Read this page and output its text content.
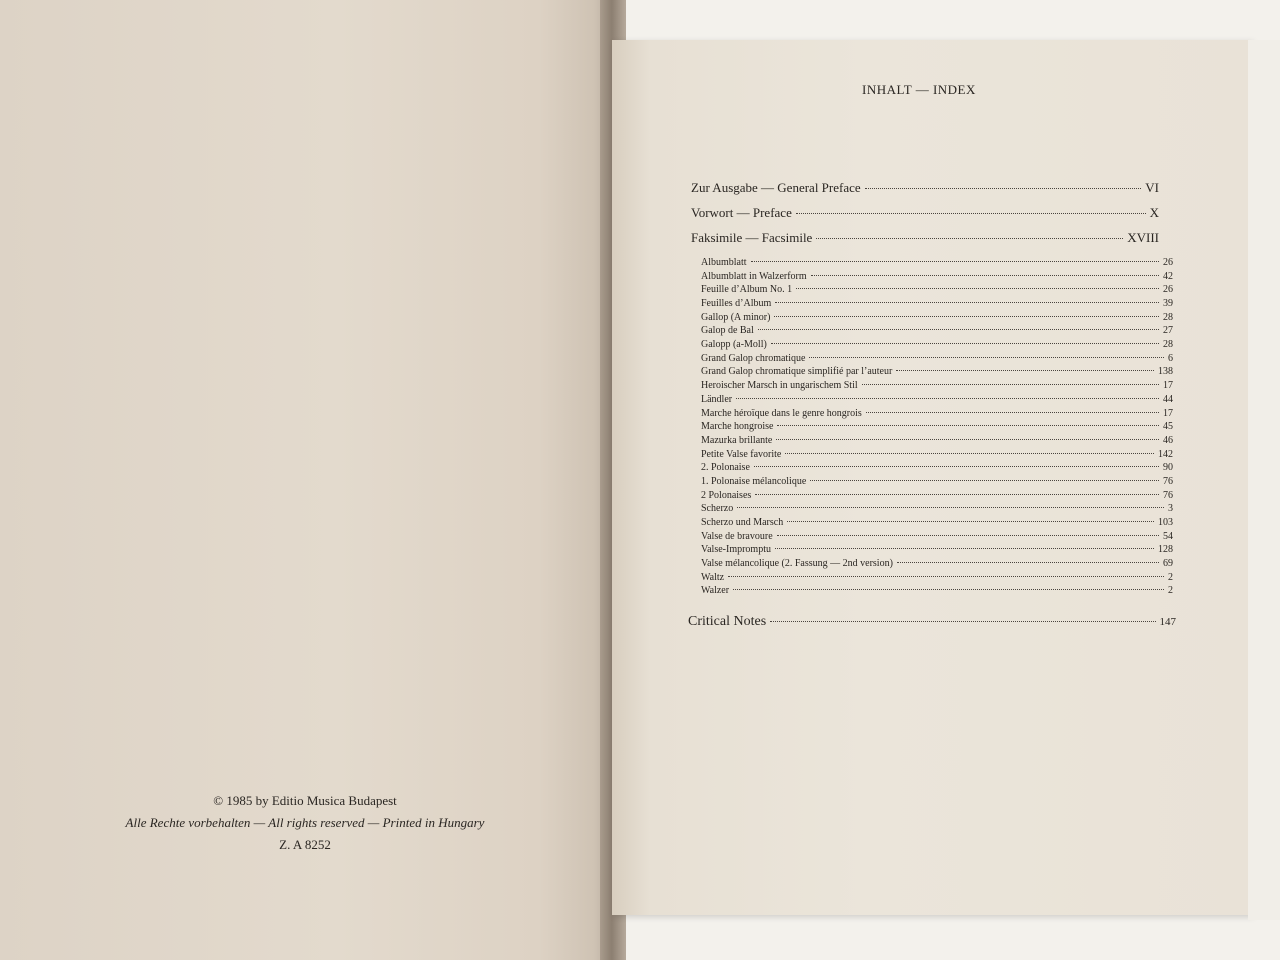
© 1985 by Editio Musica Budapest
Alle Rechte vorbehalten — All rights reserved — Printed in Hungary
Z. A 8252
INHALT — INDEX
Zur Ausgabe — General Preface	VI
Vorwort — Preface	X
Faksimile — Facsimile	XVIII
Albumblatt	26
Albumblatt in Walzerform	42
Feuille d’Album No. 1	26
Feuilles d’Album	39
Gallop (A minor)	28
Galop de Bal	27
Galopp (a-Moll)	28
Grand Galop chromatique	6
Grand Galop chromatique simplifié par l’auteur	138
Heroischer Marsch in ungarischem Stil	17
Ländler	44
Marche héroïque dans le genre hongrois	17
Marche hongroise	45
Mazurka brillante	46
Petite Valse favorite	142
2. Polonaise	90
1. Polonaise mélancolique	76
2 Polonaises	76
Scherzo	3
Scherzo und Marsch	103
Valse de bravoure	54
Valse-Impromptu	128
Valse mélancolique (2. Fassung — 2nd version)	69
Waltz	2
Walzer	2
Critical Notes	147
